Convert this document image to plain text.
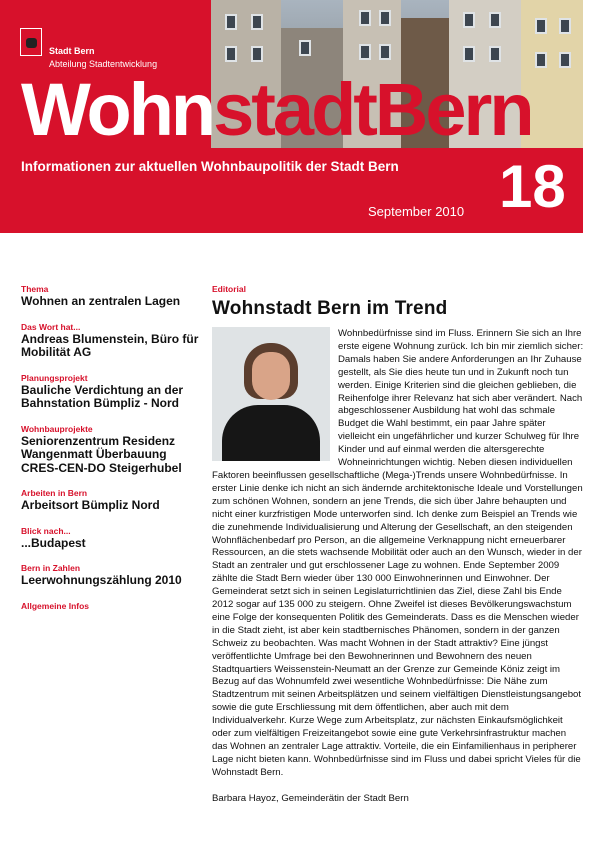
Stadt Bern
Abteilung Stadtentwicklung
WohnstadtBern
Informationen zur aktuellen Wohnbaupolitik der Stadt Bern
September 2010 18
Thema
Wohnen an zentralen Lagen
Das Wort hat...
Andreas Blumenstein, Büro für Mobilität AG
Planungsprojekt
Bauliche Verdichtung an der Bahnstation Bümpliz - Nord
Wohnbauprojekte
Seniorenzentrum Residenz Wangenmatt Überbauung CRES-CEN-DO Steigerhubel
Arbeiten in Bern
Arbeitsort Bümpliz Nord
Blick nach...
...Budapest
Bern in Zahlen
Leerwohnungszählung 2010
Allgemeine Infos
Editorial
Wohnstadt Bern im Trend
Wohnbedürfnisse sind im Fluss. Erinnern Sie sich an Ihre erste eigene Wohnung zurück. Ich bin mir ziemlich sicher: Damals haben Sie andere Anforderungen an Ihr Zuhause gestellt, als Sie dies heute tun und in Zukunft noch tun werden. Einige Kriterien sind die gleichen geblieben, die Reihenfolge ihrer Relevanz hat sich aber verändert. Nach abgeschlossener Ausbildung hat wohl das schmale Budget die Wahl bestimmt, ein paar Jahre später vielleicht ein ungefährlicher und kurzer Schulweg für Ihre Kinder und auf einmal werden die altersgerechte Wohneinrichtungen wichtig. Neben diesen individuellen Faktoren beeinflussen gesellschaftliche (Mega-)Trends unsere Wohnbedürfnisse. In erster Linie denke ich nicht an sich ändernde architektonische Ideale und Vorstellungen zum schönen Wohnen, sondern an jene Trends, die sich über Jahre behaupten und nicht einer kurzfristigen Mode unterworfen sind. Ich denke zum Beispiel an Trends wie die zunehmende Individualisierung und Alterung der Gesellschaft, an den steigenden Wohnflächenbedarf pro Person, an die allgemeine Verknappung nicht erneuerbarer Ressourcen, an die stets wachsende Mobilität oder auch an den Wunsch, wieder in der Stadt an zentraler und gut erschlossener Lage zu wohnen. Ende September 2009 zählte die Stadt Bern wieder über 130 000 Einwohnerinnen und Einwohner. Der Gemeinderat setzt sich in seinen Legislaturrichtlinien das Ziel, diese Zahl bis Ende 2012 sogar auf 135 000 zu steigern. Ohne Zweifel ist dieses Bevölkerungswachstum eine Folge der konsequenten Politik des Gemeinderats. Dass es die Menschen wieder in die Stadt zieht, ist aber kein stadtbernisches Phänomen, sondern in der ganzen Schweiz zu beobachten. Was macht Wohnen in der Stadt attraktiv? Eine jüngst veröffentlichte Umfrage bei den Bewohnerinnen und Bewohnern des neuen Stadtquartiers Weissenstein-Neumatt an der Grenze zur Gemeinde Köniz zeigt im Bezug auf das Wohnumfeld zwei wesentliche Wohnbedürfnisse: Die Nähe zum Stadtzentrum mit seinen Arbeitsplätzen und seinem vielfältigen Dienstleistungsangebot sowie die gute Erschliessung mit dem öffentlichen, aber auch mit dem Individualverkehr. Kurze Wege zum Arbeitsplatz, zur nächsten Einkaufsmöglichkeit oder zum vielfältigen Freizeitangebot sowie eine gute Verkehrsinfrastruktur machen das Wohnen an zentraler Lage attraktiv. Vorteile, die ein Einfamilienhaus in peripherer Lage nicht bieten kann. Wohnbedürfnisse sind im Fluss und dabei spricht Vieles für die Wohnstadt Bern.
Barbara Hayoz, Gemeinderätin der Stadt Bern
